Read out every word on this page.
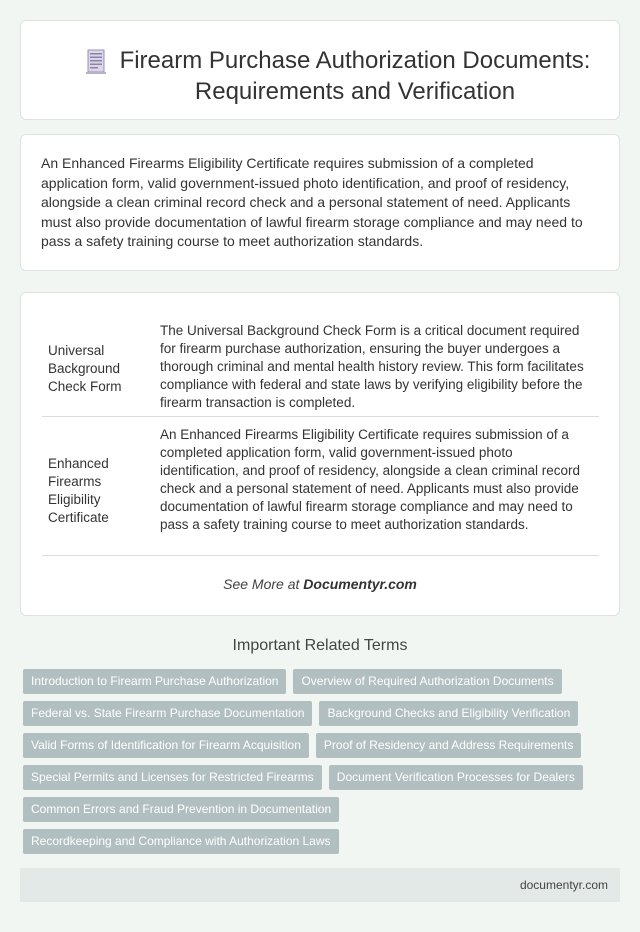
Firearm Purchase Authorization Documents: Requirements and Verification

An Enhanced Firearms Eligibility Certificate requires submission of a completed application form, valid government-issued photo identification, and proof of residency, alongside a clean criminal record check and a personal statement of need. Applicants must also provide documentation of lawful firearm storage compliance and may need to pass a safety training course to meet authorization standards.

Universal Background Check Form
The Universal Background Check Form is a critical document required for firearm purchase authorization, ensuring the buyer undergoes a thorough criminal and mental health history review. This form facilitates compliance with federal and state laws by verifying eligibility before the firearm transaction is completed.
Enhanced Firearms Eligibility Certificate
An Enhanced Firearms Eligibility Certificate requires submission of a completed application form, valid government-issued photo identification, and proof of residency, alongside a clean criminal record check and a personal statement of need. Applicants must also provide documentation of lawful firearm storage compliance and may need to pass a safety training course to meet authorization standards.
See More at Documentyr.com
Important Related Terms
Introduction to Firearm Purchase Authorization	Overview of Required Authorization Documents
Federal vs. State Firearm Purchase Documentation	Background Checks and Eligibility Verification
Valid Forms of Identification for Firearm Acquisition	Proof of Residency and Address Requirements
Special Permits and Licenses for Restricted Firearms	Document Verification Processes for Dealers
Common Errors and Fraud Prevention in Documentation
Recordkeeping and Compliance with Authorization Laws
documentyr.com
